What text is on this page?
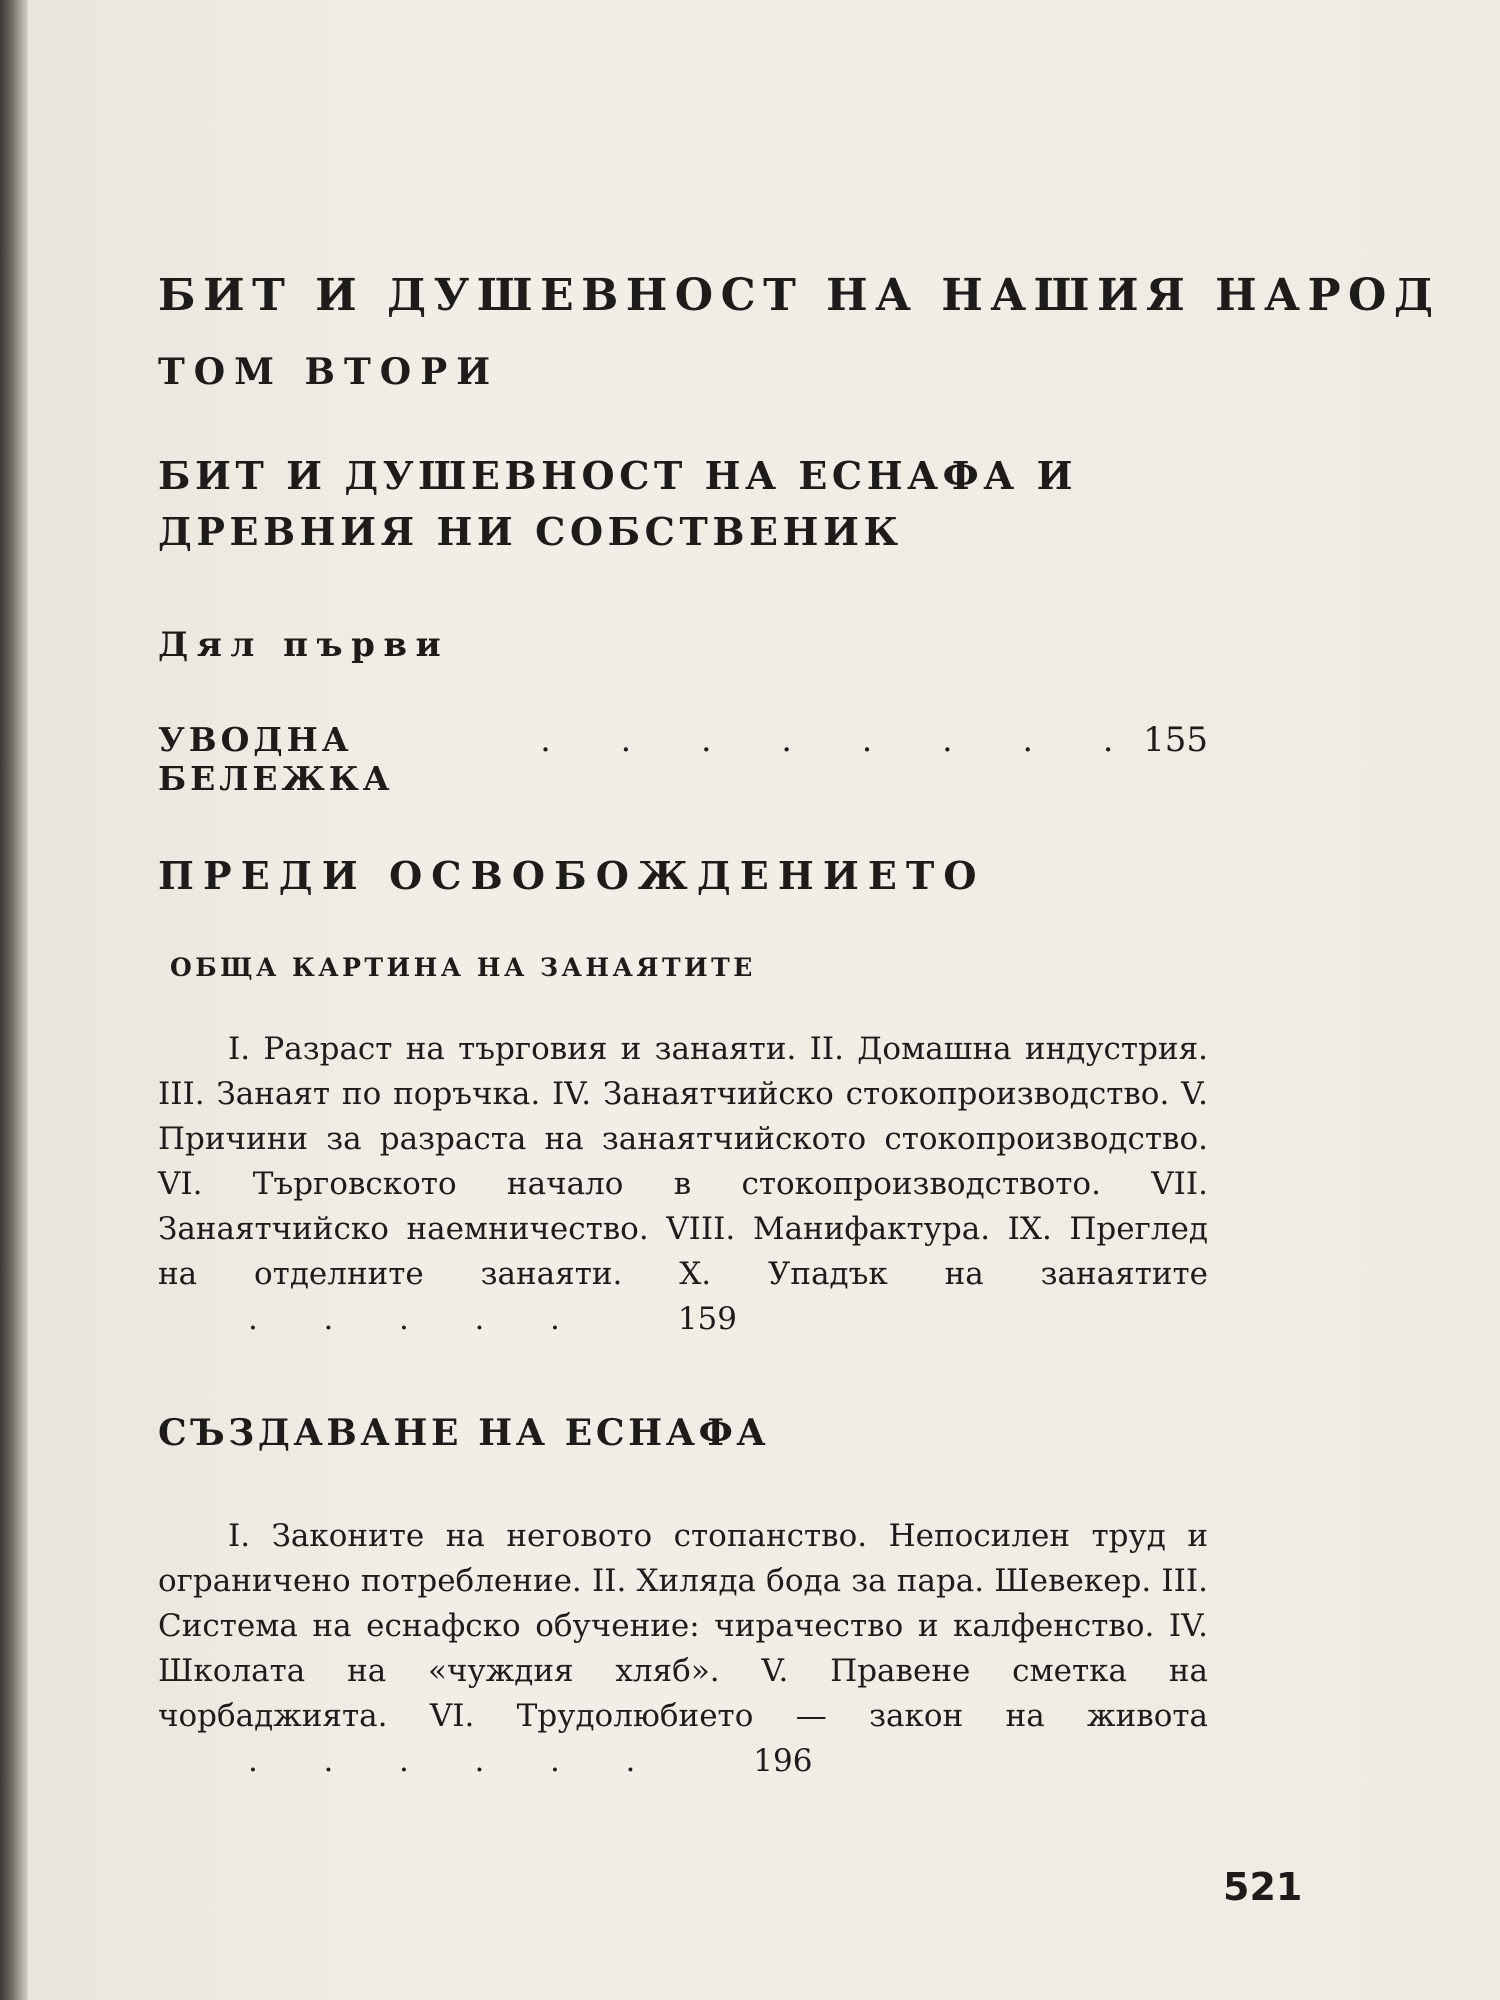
БИТ И ДУШЕВНОСТ НА НАШИЯ НАРОД
ТОМ ВТОРИ
БИТ И ДУШЕВНОСТ НА ЕСНАФА И
ДРЕВНИЯ НИ СОБСТВЕНИК
Дял първи
УВОДНА БЕЛЕЖКА
. . . . . . . . 155
ПРЕДИ ОСВОБОЖДЕНИЕТО
ОБЩА КАРТИНА НА ЗАНАЯТИТЕ
I. Разраст на търговия и занаяти. II. Домашна индустрия. III. Занаят по поръчка. IV. Занаятчийско стокопроизводство. V. Причини за разраста на занаятчийското стокопроизводство. VI. Търговското начало в стокопроизводството. VII. Занаятчийско наемничество. VIII. Манифактура. IX. Преглед на отделните занаяти. X. Упадък на занаятите
. . . . .	159
СЪЗДАВАНЕ НА ЕСНАФА
I. Законите на неговото стопанство. Непосилен труд и ограничено потребление. II. Хиляда бода за пара. Шевекер. III. Система на еснафско обучение: чирачество и калфенство. IV. Школата на «чуждия хляб». V. Правене сметка на чорбаджията. VI. Трудолюбието — закон на живота
. . . . . .	196
521
